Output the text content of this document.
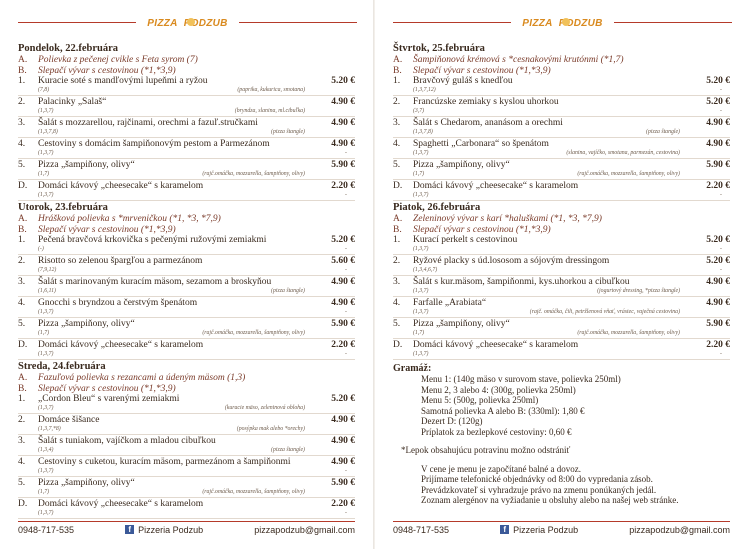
PIZZA PODZUB
Pondelok, 22.februára
A.	Polievka z pečenej cvikle s Feta syrom (7)
B.	Slepačí vývar s cestovinou (*1,*3,9)
1.	Kuracie soté s mandľovými lupeňmi a ryžou	5.20 €
(7,8)	(paprika, kukurica, smotana)
2.	Palacinky „Salaš“	4.90 €
(1,3,7)	(bryndza, slanina, ml.cibuľka)
3.	Šalát s mozzarellou, rajčinami, orechmi a fazuľ.stručkami	4.90 €
(1,3,7,8)	(pizza štangle)
4.	Cestoviny s domácim šampiňonovým pestom a Parmezánom	4.90 €
(1,3,7)	-
5.	Pizza „šampiňony, olivy“	5.90 €
(1,7)	(rajč.omáčka, mozzarella, šampiňony, olivy)
D.	Domáci kávový „cheesecake“ s karamelom	2.20 €
(1,3,7)	-
Utorok, 23.februára
A.	Hrášková polievka s *mrveničkou (*1, *3, *7,9)
B.	Slepačí vývar s cestovinou (*1,*3,9)
1.	Pečená bravčová krkovička s pečenými ružovými zemiakmi	5.20 €
(-)	-
2.	Risotto so zelenou špargľou a parmezánom	5.60 €
(7,9,12)	-
3.	Šalát s marinovaným kuracím mäsom, sezamom a broskyňou	4.90 €
(1,6,11)	(pizza štangle)
4.	Gnocchi s bryndzou a čerstvým špenátom	4.90 €
(1,3,7)	-
5.	Pizza „šampiňony, olivy“	5.90 €
(1,7)	(rajč.omáčka, mozzarella, šampiňony, olivy)
D.	Domáci kávový „cheesecake“ s karamelom	2.20 €
(1,3,7)	-
Streda, 24.februára
A.	Fazuľová polievka s rezancami a údeným mäsom (1,3)
B.	Slepačí vývar s cestovinou (*1,*3,9)
1.	„Cordon Bleu“ s varenými zemiakmi	5.20 €
(1,3,7)	(kuracie mäso, zeleninová obloha)
2.	Domáce šišance	4.90 €
(1,3,7,*8)	(posýpka mak alebo *orechy)
3.	Šalát s tuniakom, vajíčkom a mladou cibuľkou	4.90 €
(1,3,4)	(pizza štangle)
4.	Cestoviny s cuketou, kuracím mäsom, parmezánom a šampiňonmi	4.90 €
(1,3,7)	-
5.	Pizza „šampiňony, olivy“	5.90 €
(1,7)	(rajč.omáčka, mozzarella, šampiňony, olivy)
D.	Domáci kávový „cheesecake“ s karamelom	2.20 €
(1,3,7)	-
0948-717-535	f Pizzeria Podzub	pizzapodzub@gmail.com
PIZZA PODZUB
Štvrtok, 25.februára
A.	Šampiňonová krémová s *cesnakovými krutónmi (*1,7)
B.	Slepačí vývar s cestovinou (*1,*3,9)
1.	Bravčový guláš s knedľou	5.20 €
(1,3,7,12)	-
2.	Francúzske zemiaky s kyslou uhorkou	5.20 €
(3,7)	-
3.	Šalát s Chedarom, ananásom a orechmi	4.90 €
(1,3,7,8)	(pizza štangle)
4.	Spaghetti „Carbonara“ so špenátom	4.90 €
(1,3,7)	(slanina, vajíčko, smotana, parmezán, cestovina)
5.	Pizza „šampiňony, olivy“	5.90 €
(1,7)	(rajč.omáčka, mozzarella, šampiňony, olivy)
D.	Domáci kávový „cheesecake“ s karamelom	2.20 €
(1,3,7)	-
Piatok, 26.februára
A.	Zeleninový vývar s karí *haluškami (*1, *3, *7,9)
B.	Slepačí vývar s cestovinou (*1,*3,9)
1.	Kurací perkelt s cestovinou	5.20 €
(1,3,7)	-
2.	Ryžové placky s úd.lososom a sójovým dressingom	5.20 €
(1,3,4,6,7)	-
3.	Šalát s kur.mäsom, šampiňonmi, kys.uhorkou a cibuľkou	4.90 €
(1,3,7)	(jogurtový dressing, *pizza štangle)
4.	Farfalle „Arabiata“	4.90 €
(1,3,7)	(rajč. omáčka, čili, petržlenová vňať, vrástec, vaječná cestovina)
5.	Pizza „šampiňony, olivy“	5.90 €
(1,7)	(rajč.omáčka, mozzarella, šampiňony, olivy)
D.	Domáci kávový „cheesecake“ s karamelom	2.20 €
(1,3,7)	-
Gramáž:

Menu 1: (140g mäso v surovom stave, polievka 250ml)

Menu 2, 3 alebo 4: (300g, polievka 250ml)

Menu 5: (500g, polievka 250ml)

Samotná polievka A alebo B: (330ml): 1,80 €

Dezert D: (120g)

Príplatok za bezlepkové cestoviny: 0,60 €

*Lepok obsahujúcu potravinu možno odstrániť

V cene je menu je započítané balné a dovoz.

Prijímame telefonické objednávky od 8:00 do vypredania zásob.

Prevádzkovateľ si vyhradzuje právo na zmenu ponúkaných jedál.

Zoznam alergénov na vyžiadanie u obsluhy alebo na našej web stránke.

0948-717-535	f Pizzeria Podzub	pizzapodzub@gmail.com
